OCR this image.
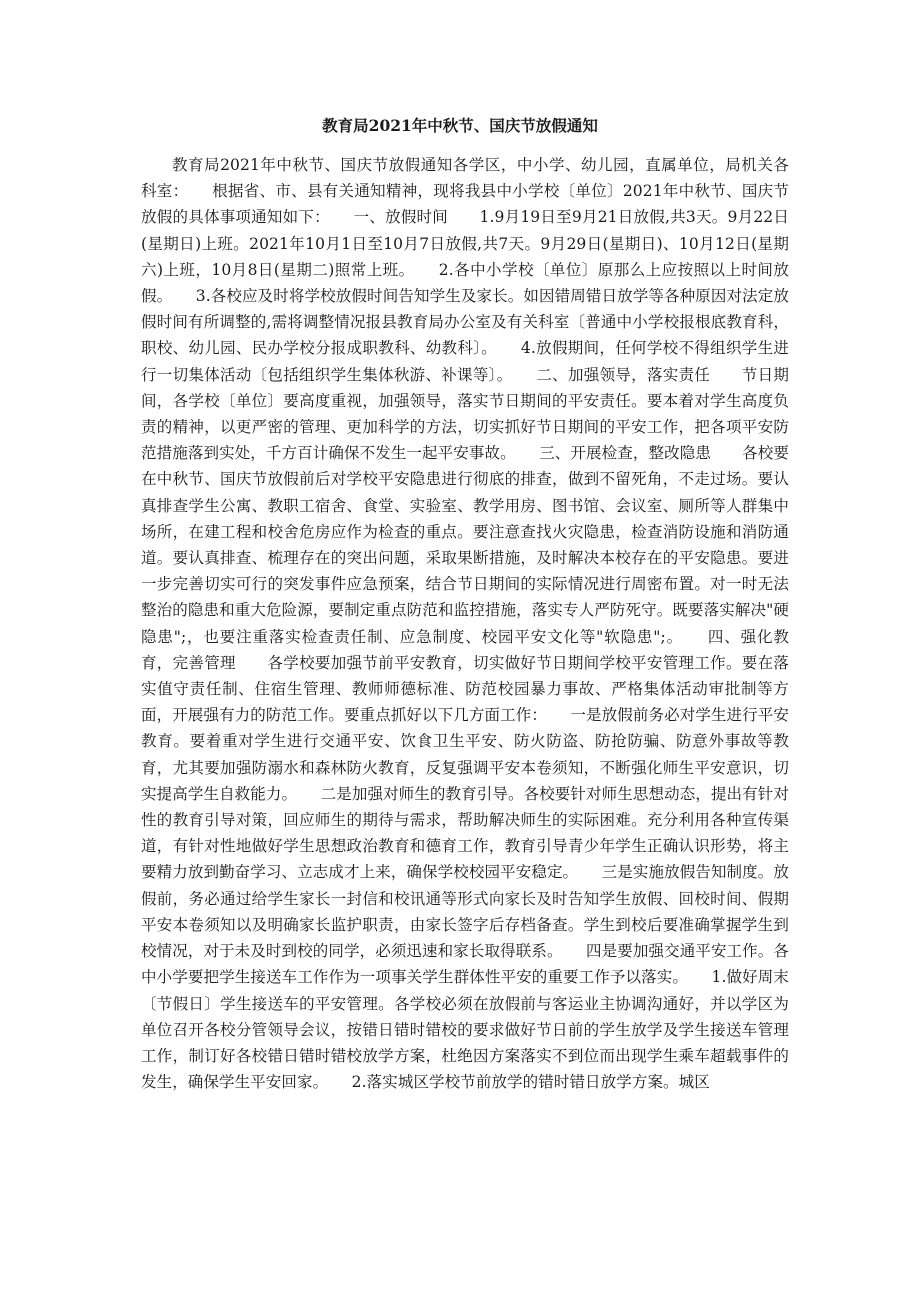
教育局2021年中秋节、国庆节放假通知

教育局2021年中秋节、国庆节放假通知各学区，中小学、幼儿园，直属单位，局机关各科室：　　根据省、市、县有关通知精神，现将我县中小学校〔单位〕2021年中秋节、国庆节放假的具体事项通知如下：　　一、放假时间　　1.9月19日至9月21日放假,共3天。9月22日(星期日)上班。2021年10月1日至10月7日放假,共7天。9月29日(星期日)、10月12日(星期六)上班，10月8日(星期二)照常上班。　　2.各中小学校〔单位〕原那么上应按照以上时间放假。　　3.各校应及时将学校放假时间告知学生及家长。如因错周错日放学等各种原因对法定放假时间有所调整的,需将调整情况报县教育局办公室及有关科室〔普通中小学校报根底教育科，职校、幼儿园、民办学校分报成职教科、幼教科〕。　　4.放假期间，任何学校不得组织学生进行一切集体活动〔包括组织学生集体秋游、补课等〕。　　二、加强领导，落实责任　　节日期间，各学校〔单位〕要高度重视，加强领导，落实节日期间的平安责任。要本着对学生高度负责的精神，以更严密的管理、更加科学的方法，切实抓好节日期间的平安工作，把各项平安防范措施落到实处，千方百计确保不发生一起平安事故。　　三、开展检查，整改隐患　　各校要在中秋节、国庆节放假前后对学校平安隐患进行彻底的排查，做到不留死角，不走过场。要认真排查学生公寓、教职工宿舍、食堂、实验室、教学用房、图书馆、会议室、厕所等人群集中场所，在建工程和校舍危房应作为检查的重点。要注意查找火灾隐患，检查消防设施和消防通道。要认真排查、梳理存在的突出问题，采取果断措施，及时解决本校存在的平安隐患。要进一步完善切实可行的突发事件应急预案，结合节日期间的实际情况进行周密布置。对一时无法整治的隐患和重大危险源，要制定重点防范和监控措施，落实专人严防死守。既要落实解决"硬隐患";，也要注重落实检查责任制、应急制度、校园平安文化等"软隐患";。　　四、强化教育，完善管理　　各学校要加强节前平安教育，切实做好节日期间学校平安管理工作。要在落实值守责任制、住宿生管理、教师师德标准、防范校园暴力事故、严格集体活动审批制等方面，开展强有力的防范工作。要重点抓好以下几方面工作：　　一是放假前务必对学生进行平安教育。要着重对学生进行交通平安、饮食卫生平安、防火防盗、防抢防骗、防意外事故等教育，尤其要加强防溺水和森林防火教育，反复强调平安本卷须知，不断强化师生平安意识，切实提高学生自救能力。　　二是加强对师生的教育引导。各校要针对师生思想动态，提出有针对性的教育引导对策，回应师生的期待与需求，帮助解决师生的实际困难。充分利用各种宣传渠道，有针对性地做好学生思想政治教育和德育工作，教育引导青少年学生正确认识形势，将主要精力放到勤奋学习、立志成才上来，确保学校校园平安稳定。　　三是实施放假告知制度。放假前，务必通过给学生家长一封信和校讯通等形式向家长及时告知学生放假、回校时间、假期平安本卷须知以及明确家长监护职责，由家长签字后存档备查。学生到校后要准确掌握学生到校情况，对于未及时到校的同学，必须迅速和家长取得联系。　　四是要加强交通平安工作。各中小学要把学生接送车工作作为一项事关学生群体性平安的重要工作予以落实。　　1.做好周末〔节假日〕学生接送车的平安管理。各学校必须在放假前与客运业主协调沟通好，并以学区为单位召开各校分管领导会议，按错日错时错校的要求做好节日前的学生放学及学生接送车管理工作，制订好各校错日错时错校放学方案，杜绝因方案落实不到位而出现学生乘车超载事件的发生，确保学生平安回家。　　2.落实城区学校节前放学的错时错日放学方案。城区
